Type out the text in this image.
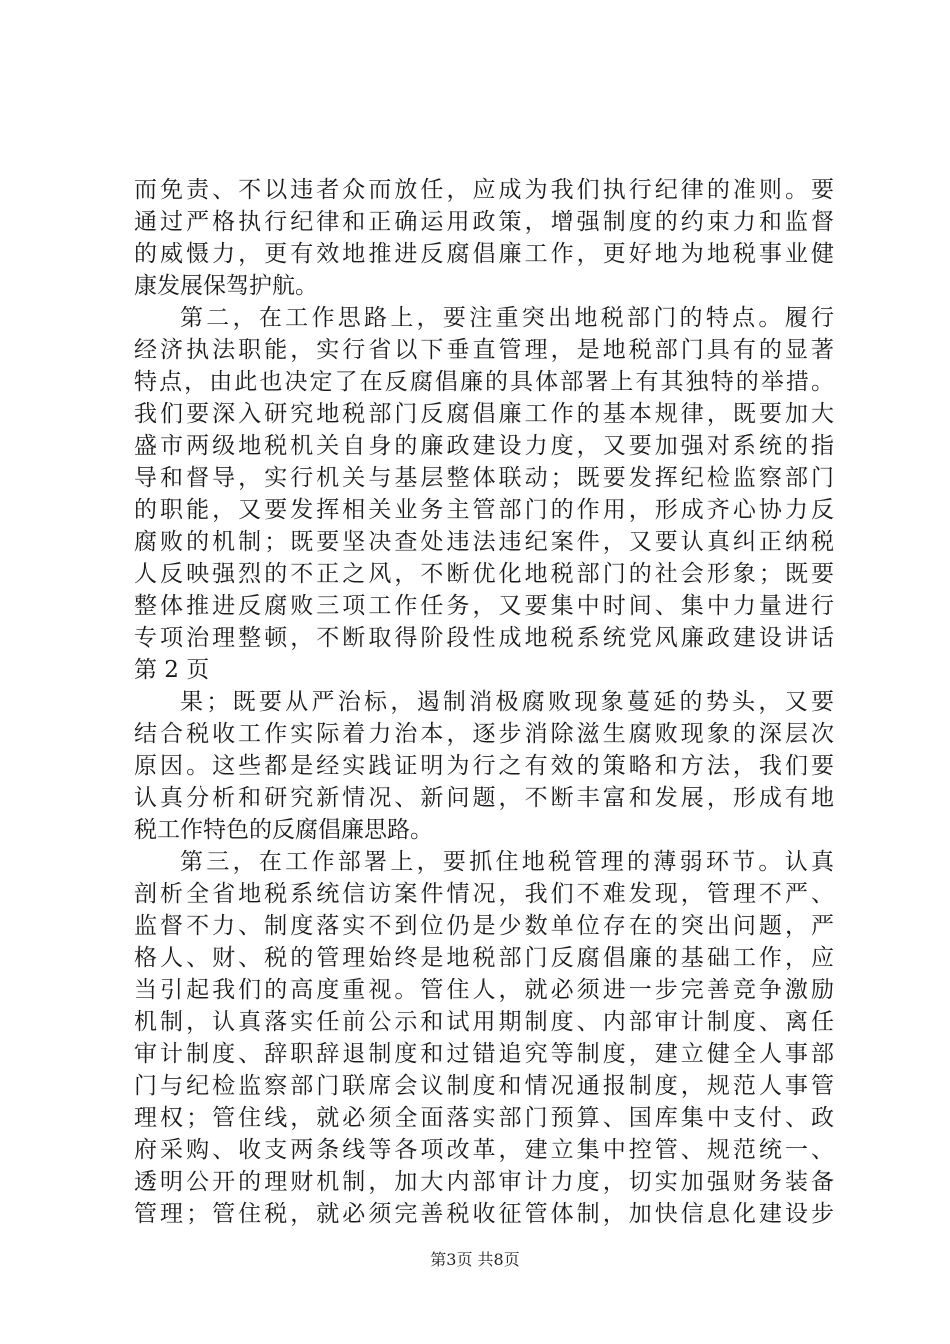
而免责、不以违者众而放任，应成为我们执行纪律的准则。要
通过严格执行纪律和正确运用政策，增强制度的约束力和监督
的威慑力，更有效地推进反腐倡廉工作，更好地为地税事业健
康发展保驾护航。
第二，在工作思路上，要注重突出地税部门的特点。履行
经济执法职能，实行省以下垂直管理，是地税部门具有的显著
特点，由此也决定了在反腐倡廉的具体部署上有其独特的举措。
我们要深入研究地税部门反腐倡廉工作的基本规律，既要加大
盛市两级地税机关自身的廉政建设力度，又要加强对系统的指
导和督导，实行机关与基层整体联动；既要发挥纪检监察部门
的职能，又要发挥相关业务主管部门的作用，形成齐心协力反
腐败的机制；既要坚决查处违法违纪案件，又要认真纠正纳税
人反映强烈的不正之风，不断优化地税部门的社会形象；既要
整体推进反腐败三项工作任务，又要集中时间、集中力量进行
专项治理整顿，不断取得阶段性成地税系统党风廉政建设讲话
第 2 页
果；既要从严治标，遏制消极腐败现象蔓延的势头，又要
结合税收工作实际着力治本，逐步消除滋生腐败现象的深层次
原因。这些都是经实践证明为行之有效的策略和方法，我们要
认真分析和研究新情况、新问题，不断丰富和发展，形成有地
税工作特色的反腐倡廉思路。
第三，在工作部署上，要抓住地税管理的薄弱环节。认真
剖析全省地税系统信访案件情况，我们不难发现，管理不严、
监督不力、制度落实不到位仍是少数单位存在的突出问题，严
格人、财、税的管理始终是地税部门反腐倡廉的基础工作，应
当引起我们的高度重视。管住人，就必须进一步完善竞争激励
机制，认真落实任前公示和试用期制度、内部审计制度、离任
审计制度、辞职辞退制度和过错追究等制度，建立健全人事部
门与纪检监察部门联席会议制度和情况通报制度，规范人事管
理权；管住线，就必须全面落实部门预算、国库集中支付、政
府采购、收支两条线等各项改革，建立集中控管、规范统一、
透明公开的理财机制，加大内部审计力度，切实加强财务装备
管理；管住税，就必须完善税收征管体制，加快信息化建设步
第3页 共8页
